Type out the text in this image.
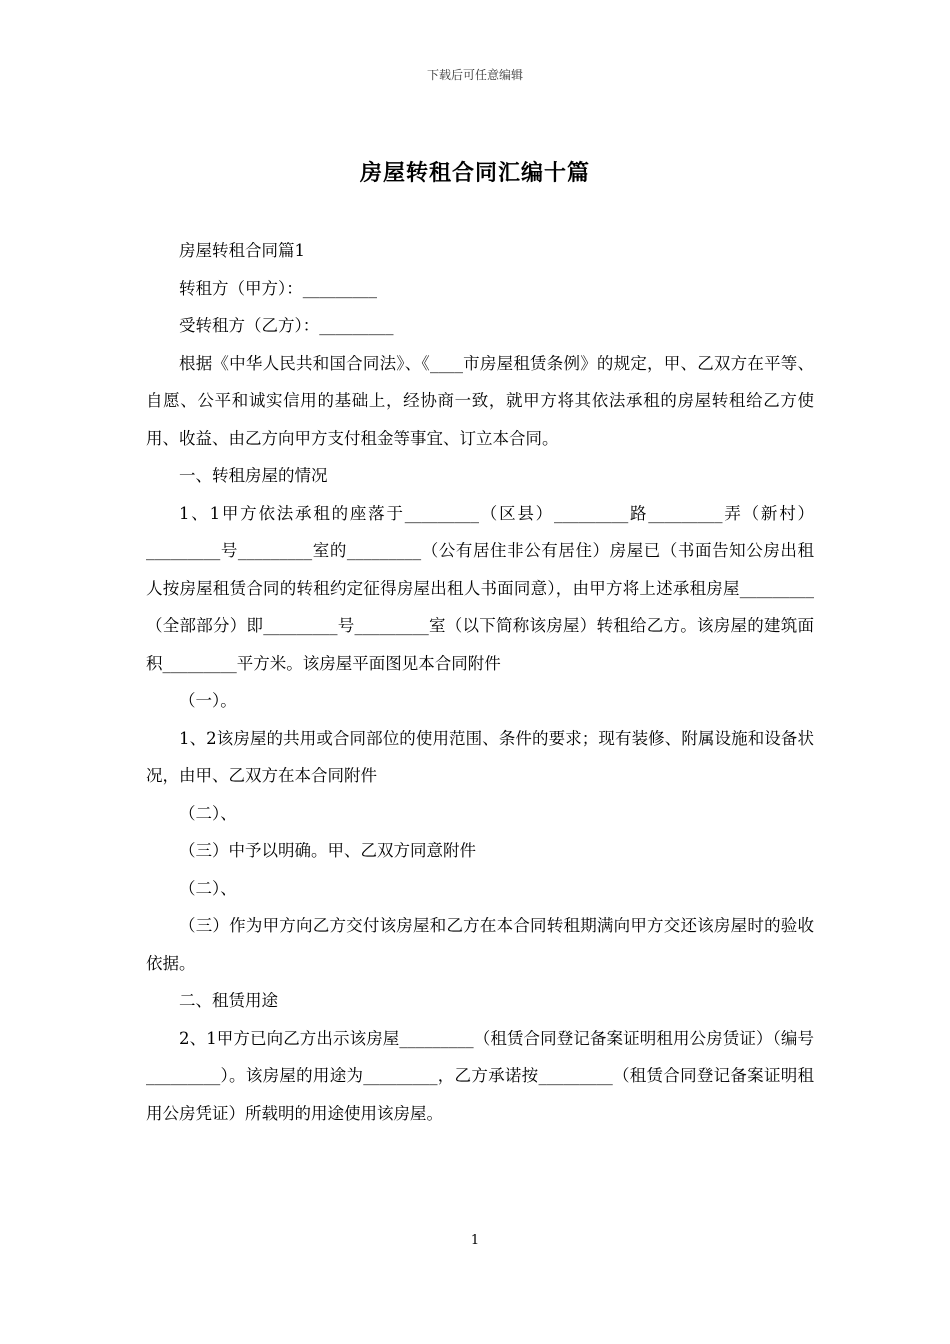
下载后可任意编辑
房屋转租合同汇编十篇

房屋转租合同篇1

转租方（甲方）：_________

受转租方（乙方）：_________

根据《中华人民共和国合同法》、《____市房屋租赁条例》的规定，甲、乙双方在平等、自愿、公平和诚实信用的基础上，经协商一致，就甲方将其依法承租的房屋转租给乙方使用、收益、由乙方向甲方支付租金等事宜、订立本合同。

一、转租房屋的情况

1、1甲方依法承租的座落于_________（区县）_________路_________弄（新村）_________号_________室的_________（公有居住非公有居住）房屋已（书面告知公房出租人按房屋租赁合同的转租约定征得房屋出租人书面同意），由甲方将上述承租房屋_________（全部部分）即_________号_________室（以下简称该房屋）转租给乙方。该房屋的建筑面积_________平方米。该房屋平面图见本合同附件

（一）。

1、2该房屋的共用或合同部位的使用范围、条件的要求；现有装修、附属设施和设备状况，由甲、乙双方在本合同附件

（二）、

（三）中予以明确。甲、乙双方同意附件

（二）、

（三）作为甲方向乙方交付该房屋和乙方在本合同转租期满向甲方交还该房屋时的验收依据。

二、租赁用途

2、1甲方已向乙方出示该房屋_________（租赁合同登记备案证明租用公房赁证）（编号_________）。该房屋的用途为_________，乙方承诺按_________（租赁合同登记备案证明租用公房凭证）所载明的用途使用该房屋。

1
